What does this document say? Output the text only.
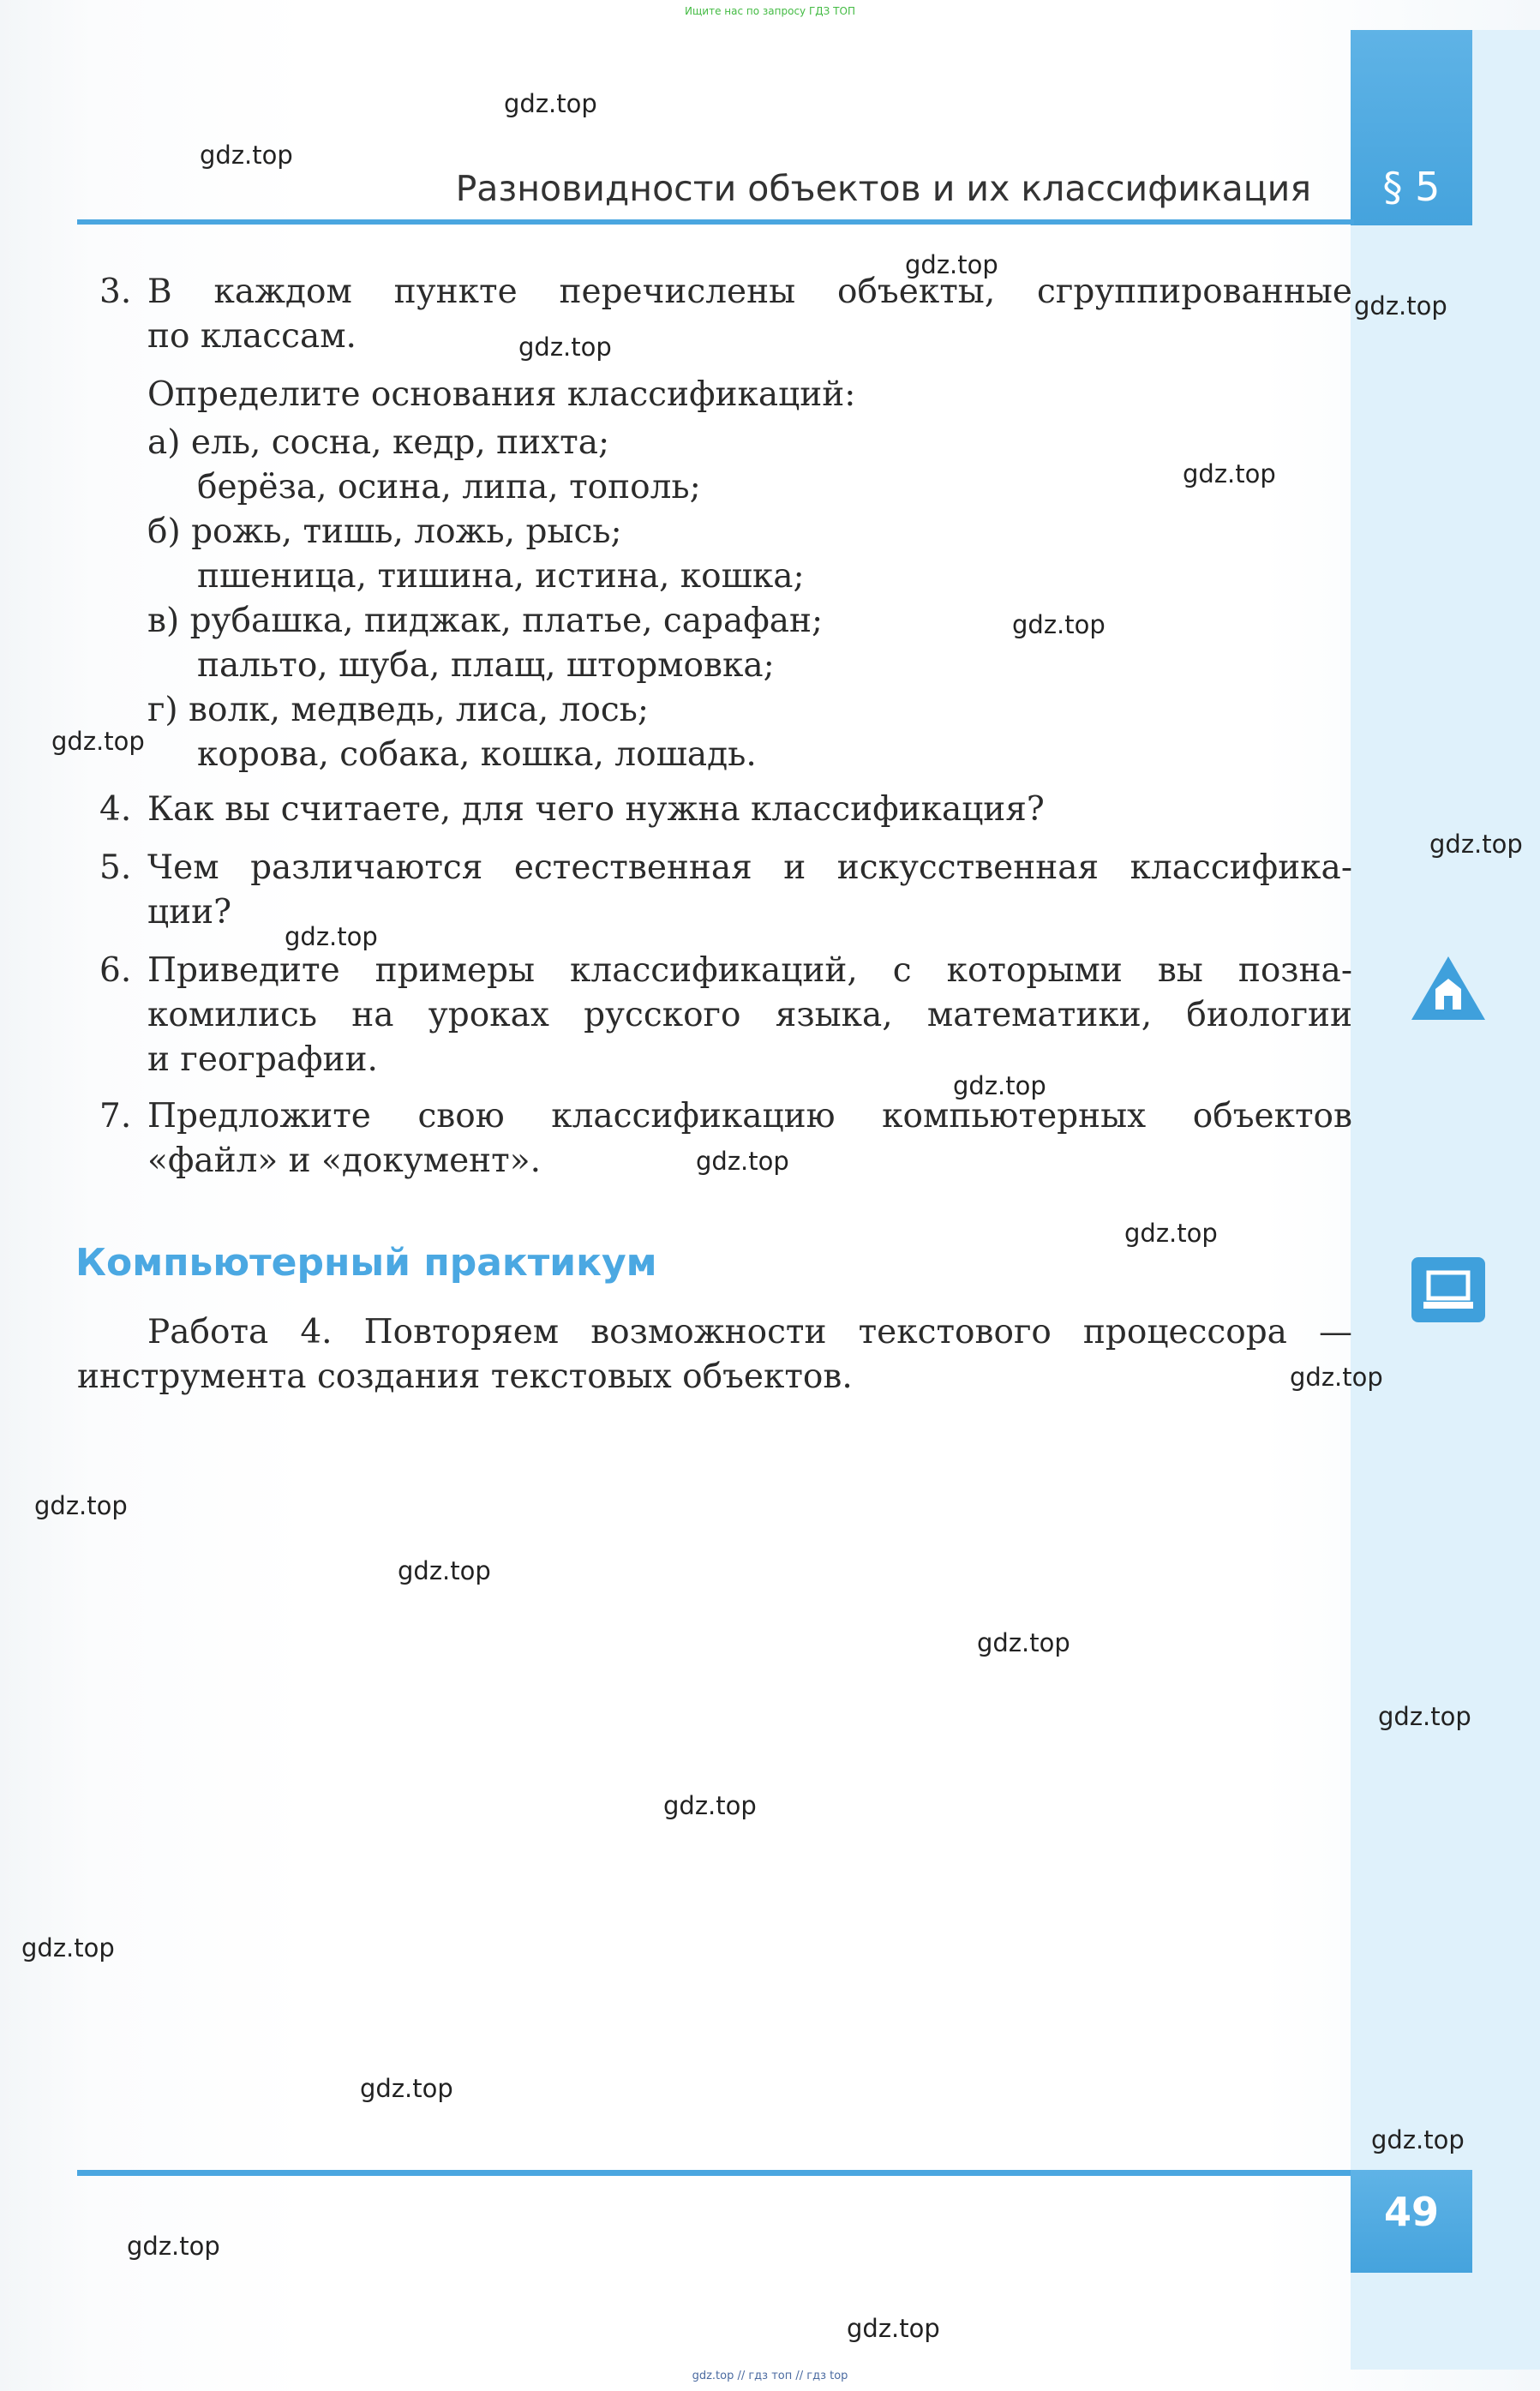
Ищите нас по запросу ГДЗ ТОП
§ 5
Разновидности объектов и их классификация
3. В каждом пункте перечислены объекты, сгруппированные
по классам.
Определите основания классификаций:
а) ель, сосна, кедр, пихта;
берёза, осина, липа, тополь;
б) рожь, тишь, ложь, рысь;
пшеница, тишина, истина, кошка;
в) рубашка, пиджак, платье, сарафан;
пальто, шуба, плащ, штормовка;
г) волк, медведь, лиса, лось;
корова, собака, кошка, лошадь.
4. Как вы считаете, для чего нужна классификация?
5. Чем различаются естественная и искусственная классифика-
ции?
6. Приведите примеры классификаций, с которыми вы позна-
комились на уроках русского языка, математики, биологии
и географии.
7. Предложите свою классификацию компьютерных объектов
«файл» и «документ».
Компьютерный практикум
Работа 4. Повторяем возможности текстового процессора —
инструмента создания текстовых объектов.
49
gdz.top // гдз топ // гдз top
gdz.top
gdz.top
gdz.top
gdz.top
gdz.top
gdz.top
gdz.top
gdz.top
gdz.top
gdz.top
gdz.top
gdz.top
gdz.top
gdz.top
gdz.top
gdz.top
gdz.top
gdz.top
gdz.top
gdz.top
gdz.top
gdz.top
gdz.top
gdz.top
